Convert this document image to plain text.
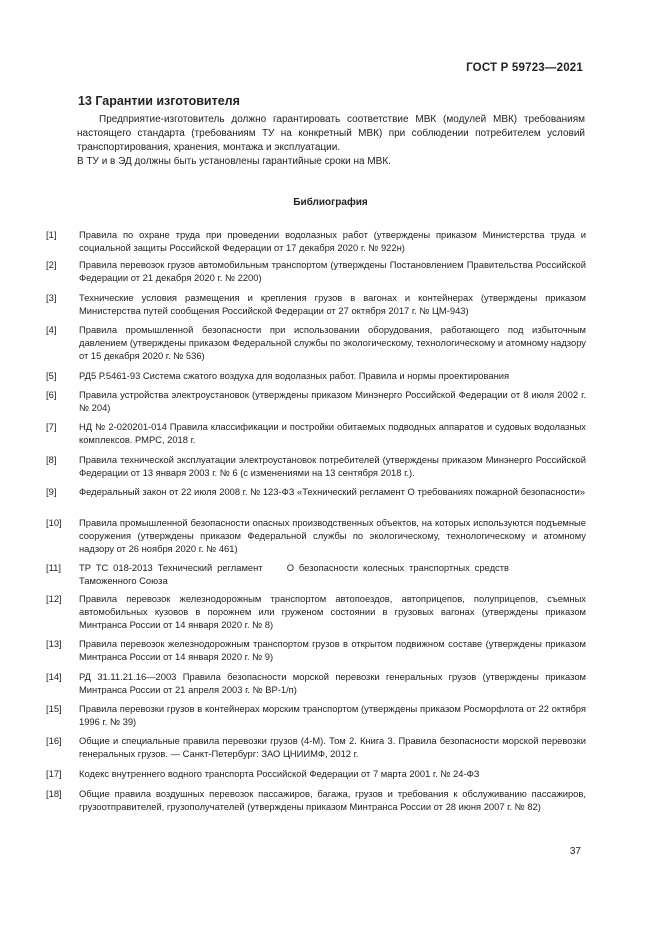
ГОСТ Р 59723—2021
13 Гарантии изготовителя

Предприятие-изготовитель должно гарантировать соответствие МВК (модулей МВК) требованиям настоящего стандарта (требованиям ТУ на конкретный МВК) при соблюдении потребителем условий транспортирования, хранения, монтажа и эксплуатации.

В ТУ и в ЭД должны быть установлены гарантийные сроки на МВК.

Библиография
[1]	Правила по охране труда при проведении водолазных работ (утверждены приказом Министерства труда и социальной защиты Российской Федерации от 17 декабря 2020 г. № 922н)
[2]	Правила перевозок грузов автомобильным транспортом (утверждены Постановлением Правительства Российской Федерации от 21 декабря 2020 г. № 2200)
[3]	Технические условия размещения и крепления грузов в вагонах и контейнерах (утверждены приказом Министерства путей сообщения Российской Федерации от 27 октября 2017 г. № ЦМ-943)
[4]	Правила промышленной безопасности при использовании оборудования, работающего под избыточным давлением (утверждены приказом Федеральной службы по экологическому, технологическому и атомному надзору от 15 декабря 2020 г. № 536)
[5]	РД5 Р.5461-93 Система сжатого воздуха для водолазных работ. Правила и нормы проектирования
[6]	Правила устройства электроустановок (утверждены приказом Минэнерго Российской Федерации от 8 июля 2002 г. № 204)
[7]	НД № 2-020201-014 Правила классификации и постройки обитаемых подводных аппаратов и судовых водолазных комплексов. РМРС, 2018 г.
[8]	Правила технической эксплуатации электроустановок потребителей (утверждены приказом Минэнерго Российской Федерации от 13 января 2003 г. № 6 (с изменениями на 13 сентября 2018 г.).
[9]	Федеральный закон от 22 июля 2008 г. № 123-ФЗ «Технический регламент О требованиях пожарной безопасности»
[10]	Правила промышленной безопасности опасных производственных объектов, на которых используются подъемные сооружения (утверждены приказом Федеральной службы по экологическому, технологическому и атомному надзору от 26 ноября 2020 г. № 461)
[11]	ТР ТС 018-2013 Технический регламент     О безопасности колесных транспортных средств Таможенного Союза
[12]	Правила перевозок железнодорожным транспортом автопоездов, автоприцепов, полуприцепов, съемных автомобильных кузовов в порожнем или груженом состоянии в грузовых вагонах (утверждены приказом Минтранса России от 14 января 2020 г. № 8)
[13]	Правила перевозок железнодорожным транспортом грузов в открытом подвижном составе (утверждены приказом Минтранса России от 14 января 2020 г. № 9)
[14]	РД 31.11.21.16—2003 Правила безопасности морской перевозки генеральных грузов (утверждены приказом Минтранса России от 21 апреля 2003 г. № ВР-1/п)
[15]	Правила перевозки грузов в контейнерах морским транспортом (утверждены приказом Росморфлота от 22 октября 1996 г. № 39)
[16]	Общие и специальные правила перевозки грузов (4-М). Том 2. Книга 3. Правила безопасности морской перевозки генеральных грузов. — Санкт-Петербург: ЗАО ЦНИИМФ, 2012 г.
[17]	Кодекс внутреннего водного транспорта Российской Федерации от 7 марта 2001 г. № 24-ФЗ
[18]	Общие правила воздушных перевозок пассажиров, багажа, грузов и требования к обслуживанию пассажиров, грузоотправителей, грузополучателей (утверждены приказом Минтранса России от 28 июня 2007 г. № 82)
37
